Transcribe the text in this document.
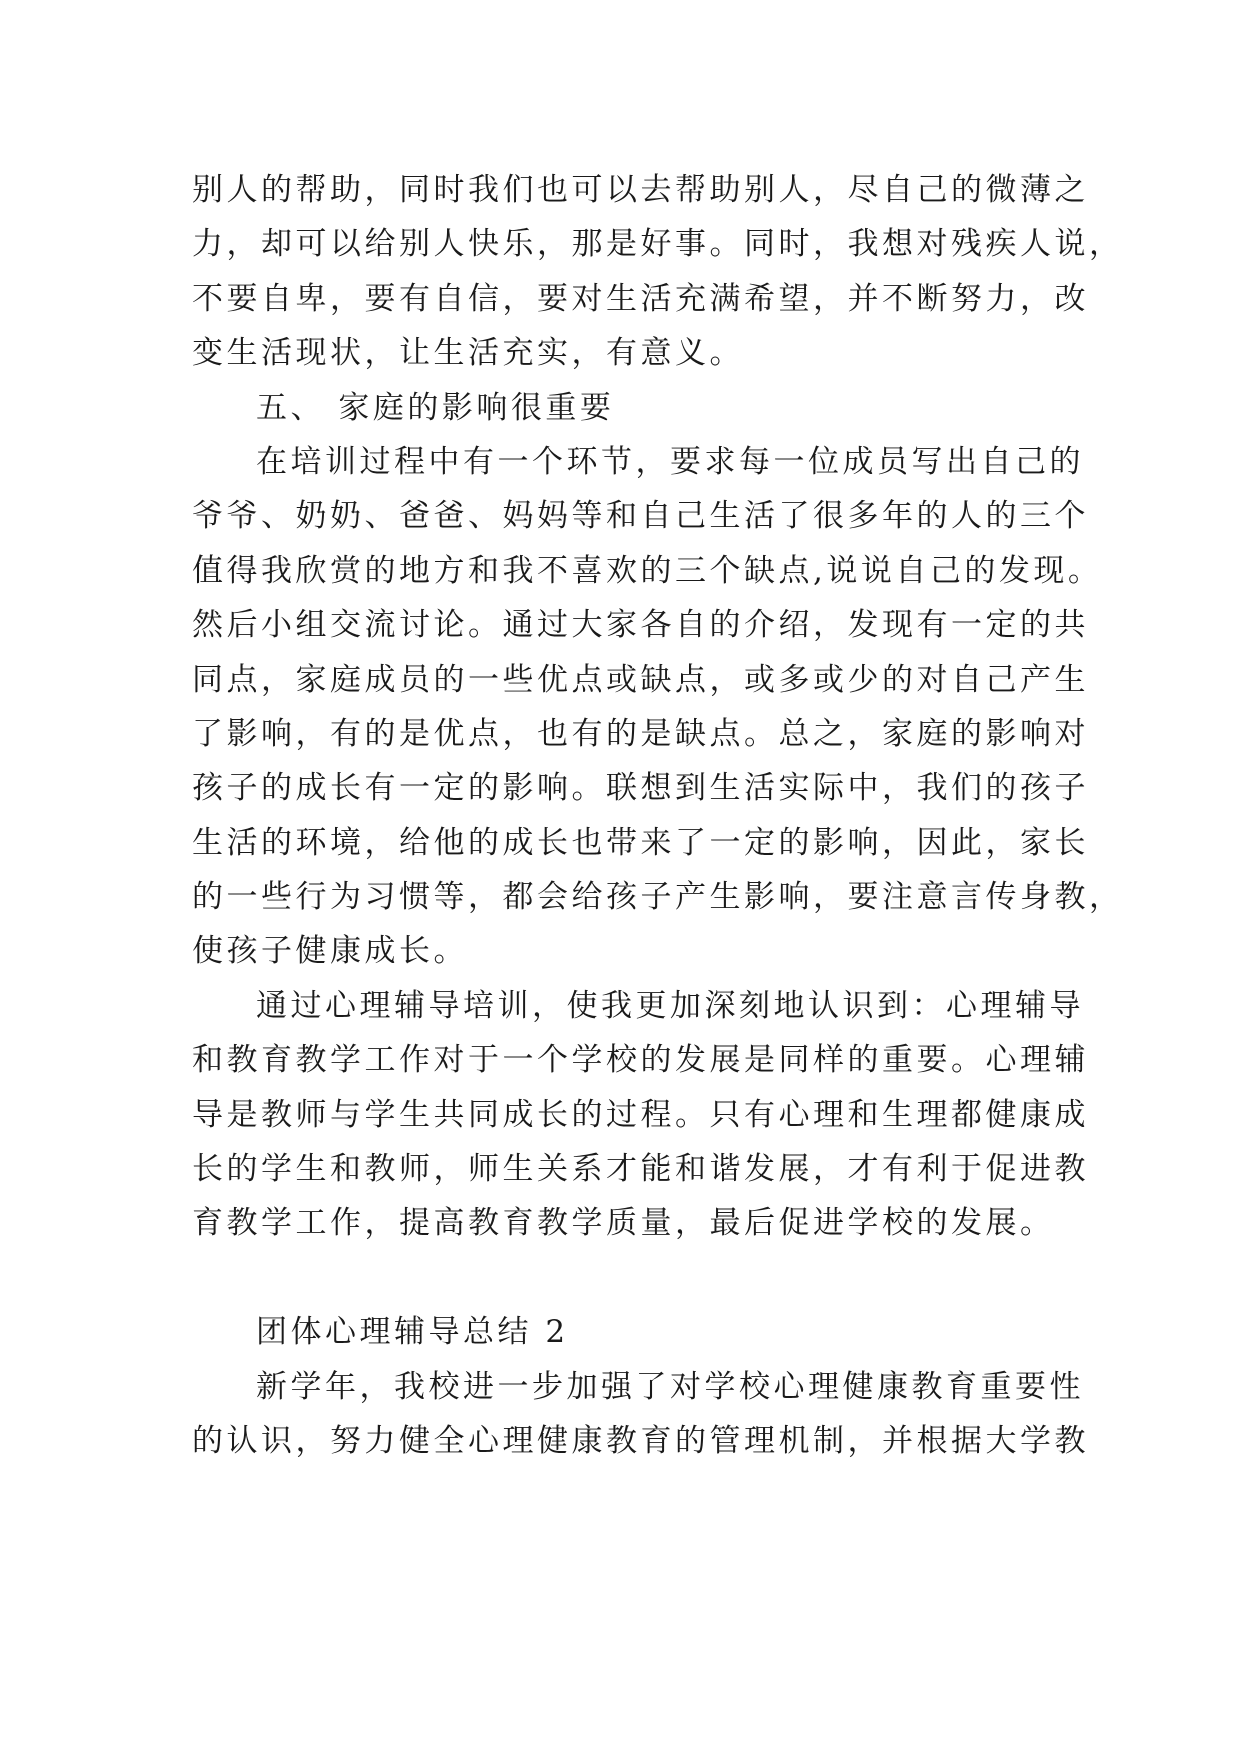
别人的帮助，同时我们也可以去帮助别人，尽自己的微薄之
力，却可以给别人快乐，那是好事。同时，我想对残疾人说，
不要自卑，要有自信，要对生活充满希望，并不断努力，改
变生活现状，让生活充实，有意义。
五、 家庭的影响很重要
在培训过程中有一个环节，要求每一位成员写出自己的
爷爷、奶奶、爸爸、妈妈等和自己生活了很多年的人的三个
值得我欣赏的地方和我不喜欢的三个缺点,说说自己的发现。
然后小组交流讨论。通过大家各自的介绍，发现有一定的共
同点，家庭成员的一些优点或缺点，或多或少的对自己产生
了影响，有的是优点，也有的是缺点。总之，家庭的影响对
孩子的成长有一定的影响。联想到生活实际中，我们的孩子
生活的环境，给他的成长也带来了一定的影响，因此，家长
的一些行为习惯等，都会给孩子产生影响，要注意言传身教，
使孩子健康成长。
通过心理辅导培训，使我更加深刻地认识到：心理辅导
和教育教学工作对于一个学校的发展是同样的重要。心理辅
导是教师与学生共同成长的过程。只有心理和生理都健康成
长的学生和教师，师生关系才能和谐发展，才有利于促进教
育教学工作，提高教育教学质量，最后促进学校的发展。
团体心理辅导总结 2
新学年，我校进一步加强了对学校心理健康教育重要性
的认识，努力健全心理健康教育的管理机制，并根据大学教
